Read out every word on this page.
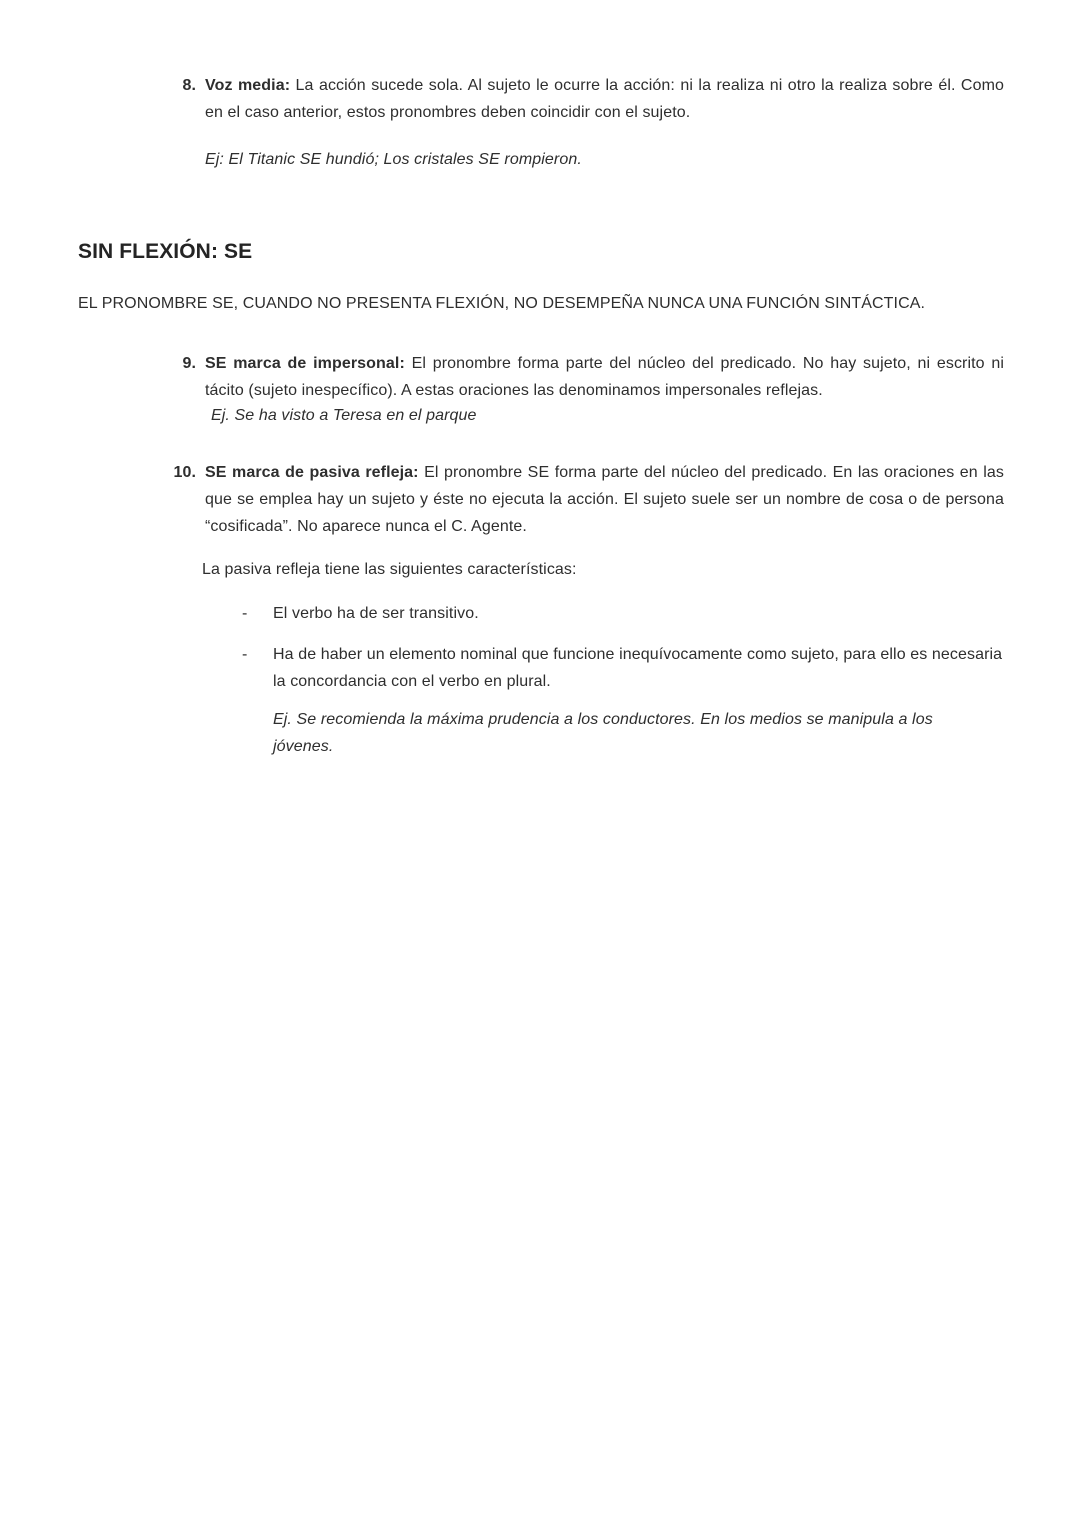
8. Voz media: La acción sucede sola. Al sujeto le ocurre la acción: ni la realiza ni otro la realiza sobre él. Como en el caso anterior, estos pronombres deben coincidir con el sujeto.

Ej: El Titanic SE hundió; Los cristales SE rompieron.

SIN FLEXIÓN: SE

EL PRONOMBRE SE, CUANDO NO PRESENTA FLEXIÓN, NO DESEMPEÑA NUNCA UNA FUNCIÓN SINTÁCTICA.

9. SE marca de impersonal: El pronombre forma parte del núcleo del predicado. No hay sujeto, ni escrito ni tácito (sujeto inespecífico). A estas oraciones las denominamos impersonales reflejas.

Ej. Se ha visto a Teresa en el parque

10. SE marca de pasiva refleja: El pronombre SE forma parte del núcleo del predicado. En las oraciones en las que se emplea hay un sujeto y éste no ejecuta la acción. El sujeto suele ser un nombre de cosa o de persona “cosificada”. No aparece nunca el C. Agente.

La pasiva refleja tiene las siguientes características:

-	El verbo ha de ser transitivo.
-	Ha de haber un elemento nominal que funcione inequívocamente como sujeto, para ello es necesaria la concordancia con el verbo en plural.

Ej. Se recomienda la máxima prudencia a los conductores. En los medios se manipula a los jóvenes.
